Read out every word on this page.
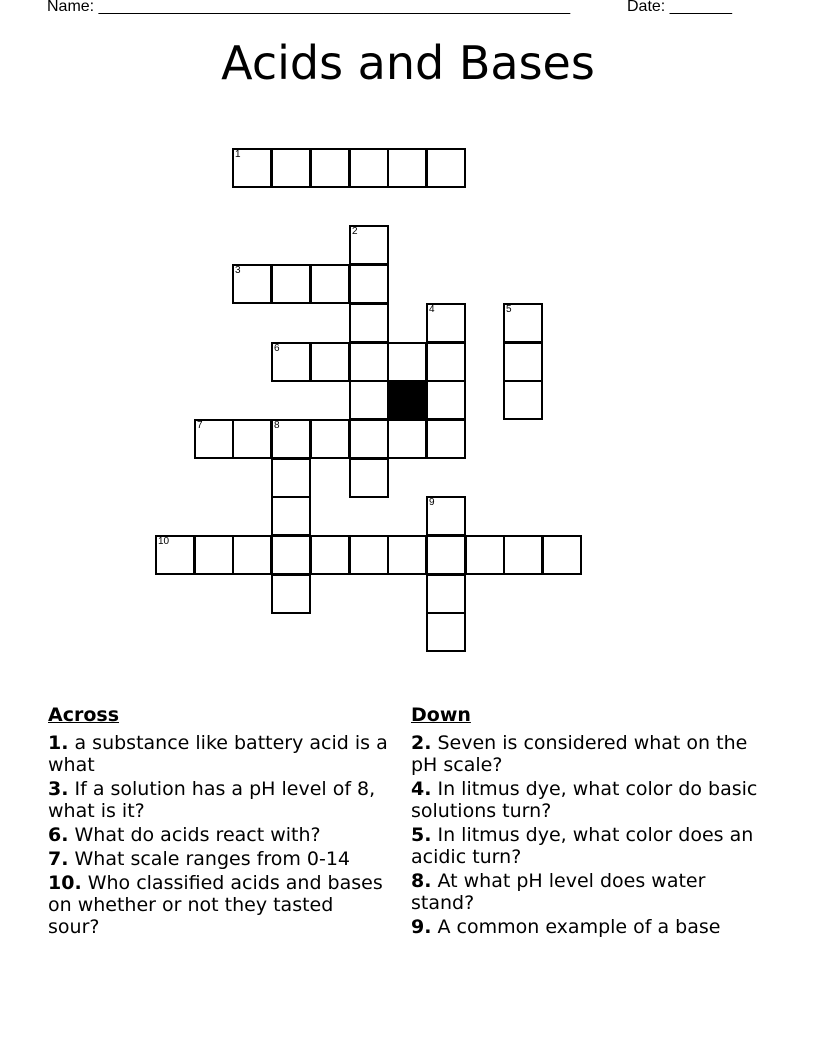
Name: _____________________________________________________	Date: _______
Acids and Bases
1
2
3
4	5
6
7	8
9
10
Across
1. a substance like battery acid is a what
3. If a solution has a pH level of 8, what is it?
6. What do acids react with?
7. What scale ranges from 0-14
10. Who classified acids and bases on whether or not they tasted sour?
Down
2. Seven is considered what on the pH scale?
4. In litmus dye, what color do basic solutions turn?
5. In litmus dye, what color does an acidic turn?
8. At what pH level does water stand?
9. A common example of a base
